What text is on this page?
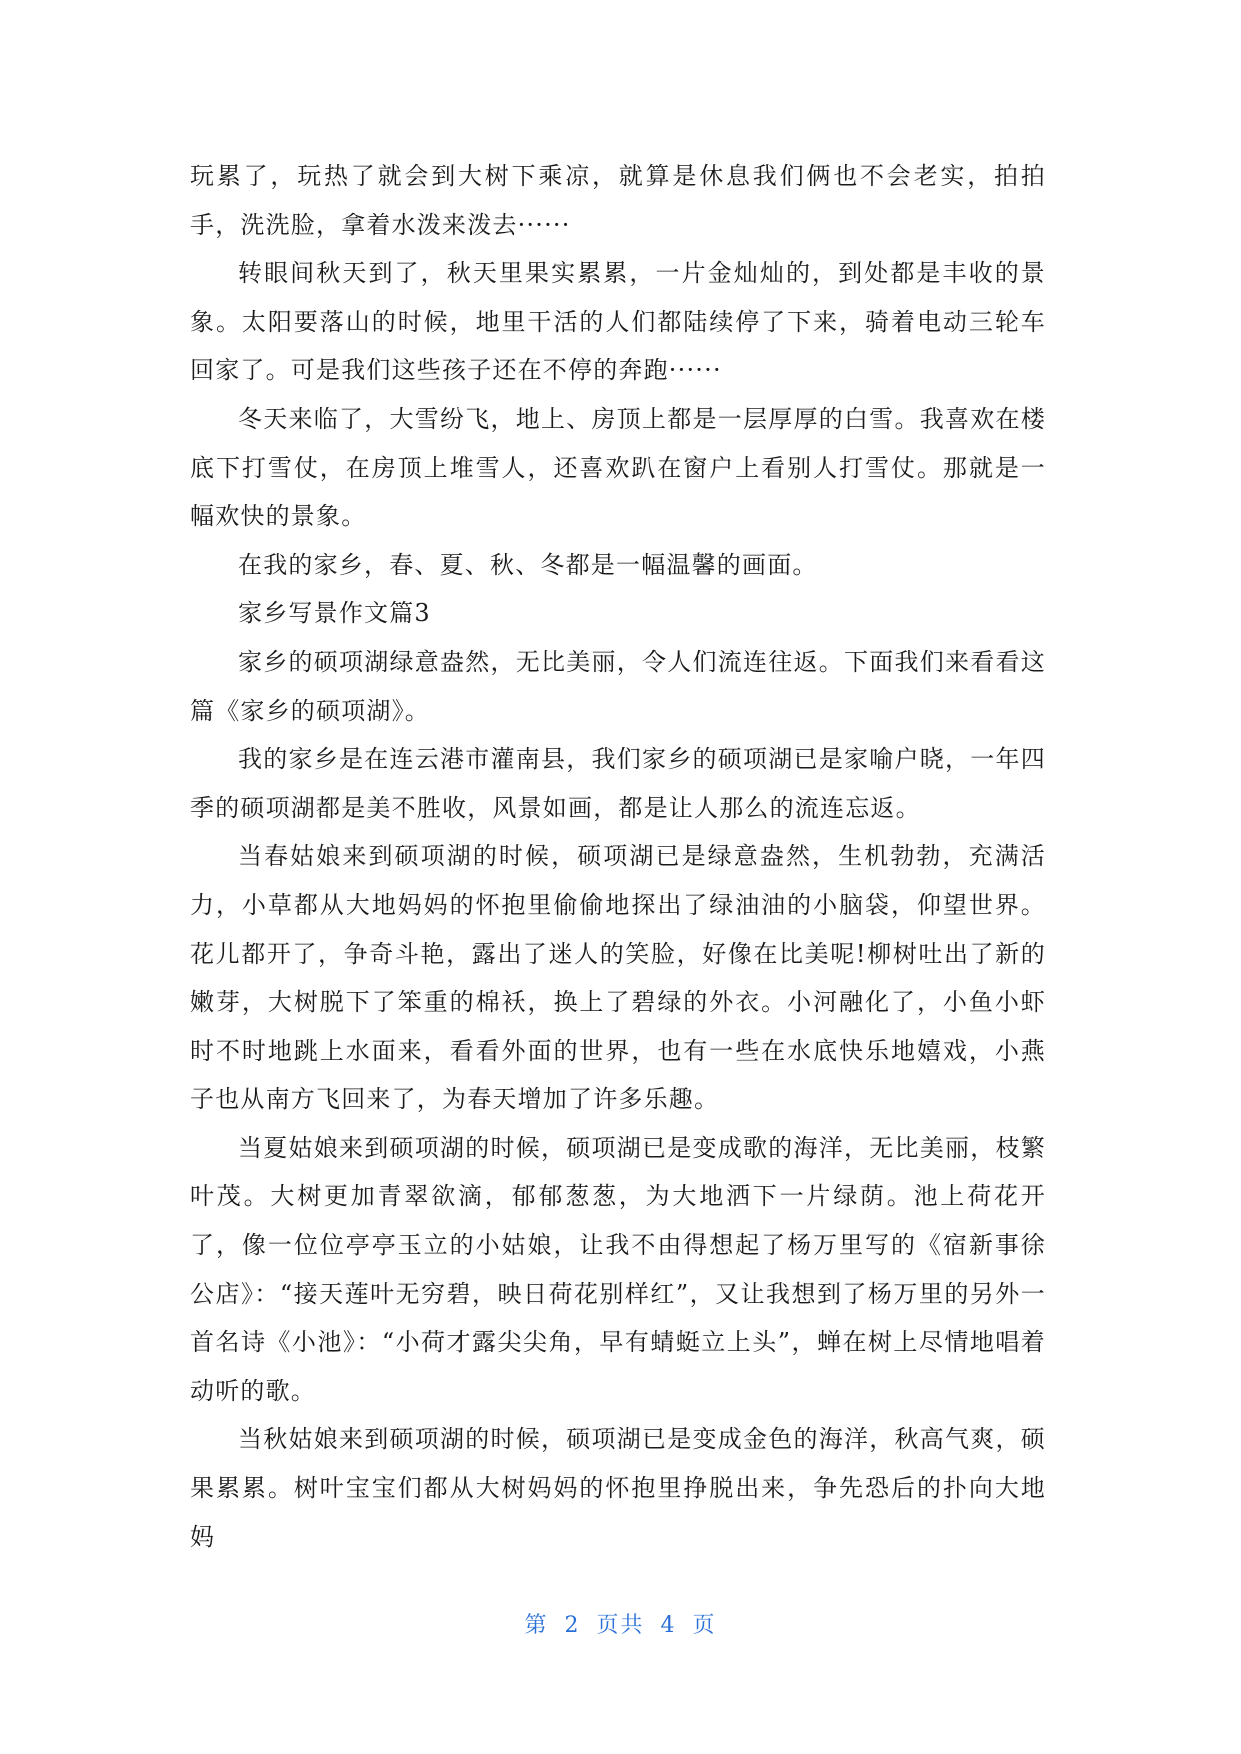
玩累了，玩热了就会到大树下乘凉，就算是休息我们俩也不会老实，拍拍手，洗洗脸，拿着水泼来泼去······

转眼间秋天到了，秋天里果实累累，一片金灿灿的，到处都是丰收的景象。太阳要落山的时候，地里干活的人们都陆续停了下来，骑着电动三轮车回家了。可是我们这些孩子还在不停的奔跑······

冬天来临了，大雪纷飞，地上、房顶上都是一层厚厚的白雪。我喜欢在楼底下打雪仗，在房顶上堆雪人，还喜欢趴在窗户上看别人打雪仗。那就是一幅欢快的景象。

在我的家乡，春、夏、秋、冬都是一幅温馨的画面。

家乡写景作文篇3

家乡的硕项湖绿意盎然，无比美丽，令人们流连往返。下面我们来看看这篇《家乡的硕项湖》。

我的家乡是在连云港市灌南县，我们家乡的硕项湖已是家喻户晓，一年四季的硕项湖都是美不胜收，风景如画，都是让人那么的流连忘返。

当春姑娘来到硕项湖的时候，硕项湖已是绿意盎然，生机勃勃，充满活力，小草都从大地妈妈的怀抱里偷偷地探出了绿油油的小脑袋，仰望世界。花儿都开了，争奇斗艳，露出了迷人的笑脸，好像在比美呢!柳树吐出了新的嫩芽，大树脱下了笨重的棉袄，换上了碧绿的外衣。小河融化了，小鱼小虾时不时地跳上水面来，看看外面的世界，也有一些在水底快乐地嬉戏，小燕子也从南方飞回来了，为春天增加了许多乐趣。

当夏姑娘来到硕项湖的时候，硕项湖已是变成歌的海洋，无比美丽，枝繁叶茂。大树更加青翠欲滴，郁郁葱葱，为大地洒下一片绿荫。池上荷花开了，像一位位亭亭玉立的小姑娘，让我不由得想起了杨万里写的《宿新事徐公店》：“接天莲叶无穷碧，映日荷花别样红”，又让我想到了杨万里的另外一首名诗《小池》：“小荷才露尖尖角，早有蜻蜓立上头”，蝉在树上尽情地唱着动听的歌。

当秋姑娘来到硕项湖的时候，硕项湖已是变成金色的海洋，秋高气爽，硕果累累。树叶宝宝们都从大树妈妈的怀抱里挣脱出来，争先恐后的扑向大地妈

第 2 页共 4 页
